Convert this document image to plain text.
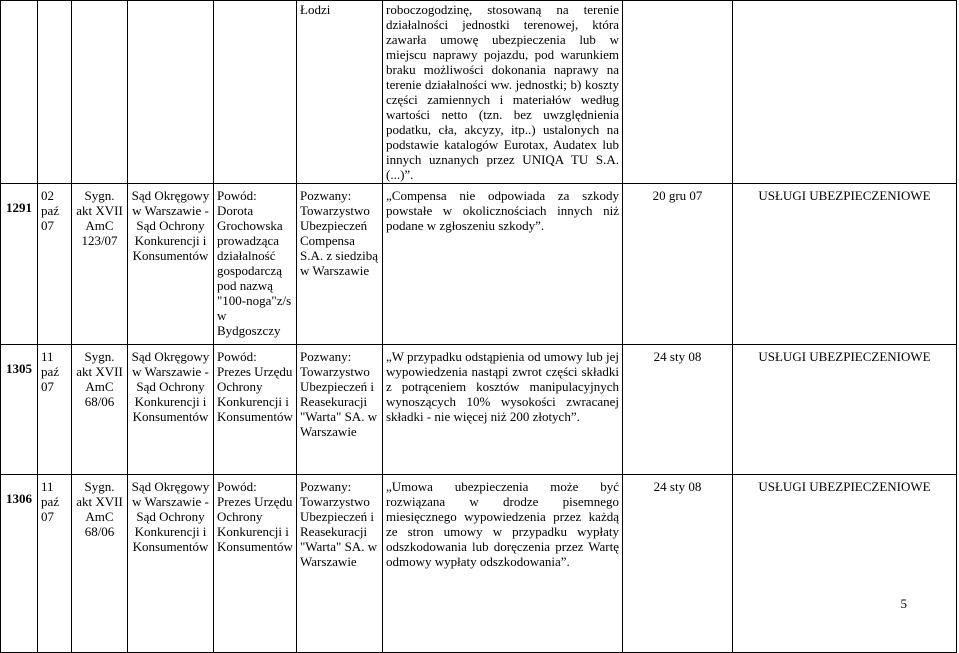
					Łodzi	roboczogodzinę, stosowaną na terenie działalności jednostki terenowej, która zawarła umowę ubezpieczenia lub w miejscu naprawy pojazdu, pod warunkiem braku możliwości dokonania naprawy na terenie działalności ww. jednostki; b) koszty części zamiennych i materiałów według wartości netto (tzn. bez uwzględnienia podatku, cła, akcyzy, itp..) ustalonych na podstawie katalogów Eurotax, Audatex lub innych uznanych przez UNIQA TU S.A. (...)”.		
1291	02 paź 07	Sygn. akt XVII AmC 123/07	Sąd Okręgowy w Warszawie - Sąd Ochrony Konkurencji i Konsumentów	Powód: Dorota Grochowska prowadząca działalność gospodarczą pod nazwą "100-noga"z/s w Bydgoszczy	Pozwany: Towarzystwo Ubezpieczeń Compensa S.A. z siedzibą w Warszawie	„Compensa nie odpowiada za szkody powstałe w okolicznościach innych niż podane w zgłoszeniu szkody”.	20 gru 07	USŁUGI UBEZPIECZENIOWE
1305	11 paź 07	Sygn. akt XVII AmC 68/06	Sąd Okręgowy w Warszawie - Sąd Ochrony Konkurencji i Konsumentów	Powód: Prezes Urzędu Ochrony Konkurencji i Konsumentów	Pozwany: Towarzystwo Ubezpieczeń i Reasekuracji "Warta" SA. w Warszawie	„W przypadku odstąpienia od umowy lub jej wypowiedzenia nastąpi zwrot części składki z potrąceniem kosztów manipulacyjnych wynoszących 10% wysokości zwracanej składki - nie więcej niż 200 złotych”.	24 sty 08	USŁUGI UBEZPIECZENIOWE
1306	11 paź 07	Sygn. akt XVII AmC 68/06	Sąd Okręgowy w Warszawie - Sąd Ochrony Konkurencji i Konsumentów	Powód: Prezes Urzędu Ochrony Konkurencji i Konsumentów	Pozwany: Towarzystwo Ubezpieczeń i Reasekuracji "Warta" SA. w Warszawie	„Umowa ubezpieczenia może być rozwiązana w drodze pisemnego miesięcznego wypowiedzenia przez każdą ze stron umowy w przypadku wypłaty odszkodowania lub doręczenia przez Wartę odmowy wypłaty odszkodowania”.	24 sty 08	USŁUGI UBEZPIECZENIOWE
5
